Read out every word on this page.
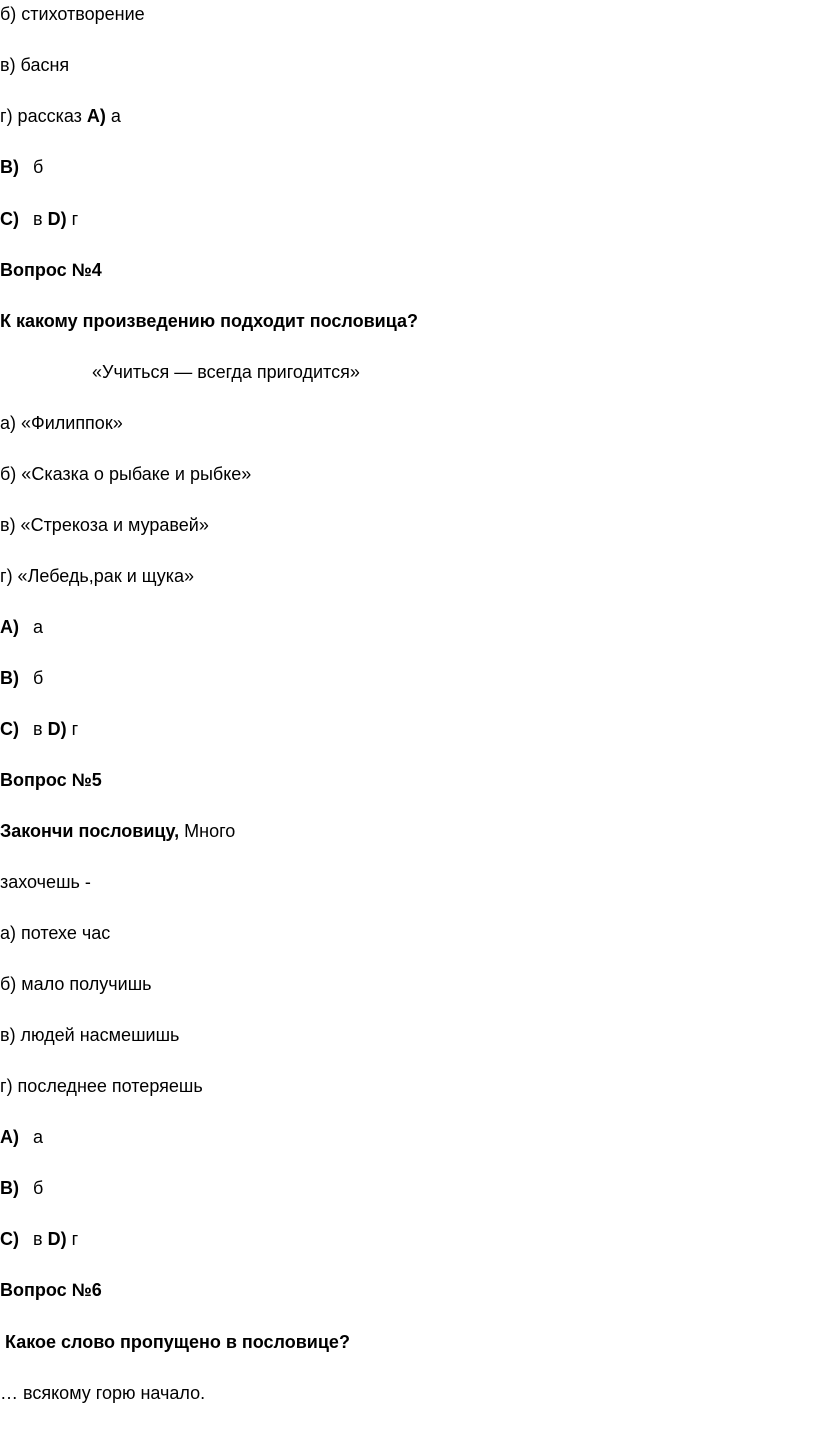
б) стихотворение
в) басня
г) рассказ A) а
B) б
C) в D) г
Вопрос №4
К какому произведению подходит пословица?
«Учиться — всегда пригодится»
а) «Филиппок»
б) «Сказка о рыбаке и рыбке»
в) «Стрекоза и муравей»
г) «Лебедь,рак и щука»
A) а
B) б
C) в D) г
Вопрос №5
Закончи пословицу, Много
захочешь -
а) потехе час
б) мало получишь
в) людей насмешишь
г) последнее потеряешь
A) а
B) б
C) в D) г
Вопрос №6
Какое слово пропущено в пословице?
… всякому горю начало.
